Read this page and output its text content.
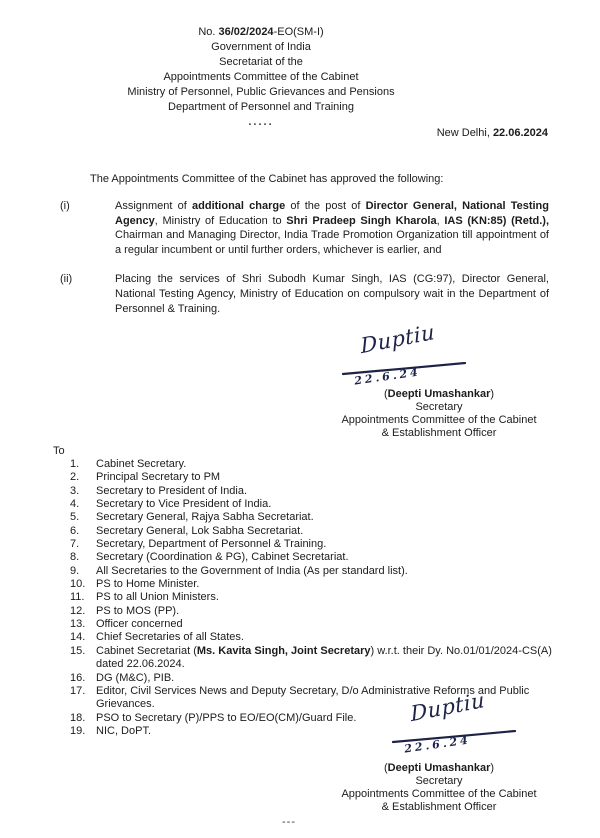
No. 36/02/2024-EO(SM-I)
Government of India
Secretariat of the
Appointments Committee of the Cabinet
Ministry of Personnel, Public Grievances and Pensions
Department of Personnel and Training
.....
New Delhi, 22.06.2024
The Appointments Committee of the Cabinet has approved the following:
(i)	Assignment of additional charge of the post of Director General, National Testing Agency, Ministry of Education to Shri Pradeep Singh Kharola, IAS (KN:85) (Retd.), Chairman and Managing Director, India Trade Promotion Organization till appointment of a regular incumbent or until further orders, whichever is earlier, and
(ii)	Placing the services of Shri Subodh Kumar Singh, IAS (CG:97), Director General, National Testing Agency, Ministry of Education on compulsory wait in the Department of Personnel & Training.
Duptiu
22.6.24
(Deepti Umashankar)
Secretary
Appointments Committee of the Cabinet
& Establishment Officer
To
1.	Cabinet Secretary.
2.	Principal Secretary to PM
3.	Secretary to President of India.
4.	Secretary to Vice President of India.
5.	Secretary General, Rajya Sabha Secretariat.
6.	Secretary General, Lok Sabha Secretariat.
7.	Secretary, Department of Personnel & Training.
8.	Secretary (Coordination & PG), Cabinet Secretariat.
9.	All Secretaries to the Government of India (As per standard list).
10. PS to Home Minister.
11.	PS to all Union Ministers.
12. PS to MOS (PP).
13. Officer concerned
14. Chief Secretaries of all States.
15. Cabinet Secretariat (Ms. Kavita Singh, Joint Secretary) w.r.t. their Dy. No.01/01/2024-CS(A) dated 22.06.2024.
16. DG (M&C), PIB.
17. Editor, Civil Services News and Deputy Secretary, D/o Administrative Reforms and Public Grievances.
18. PSO to Secretary (P)/PPS to EO/EO(CM)/Guard File.
19. NIC, DoPT.
Duptiu
22.6.24
(Deepti Umashankar)
Secretary
Appointments Committee of the Cabinet
& Establishment Officer
---
